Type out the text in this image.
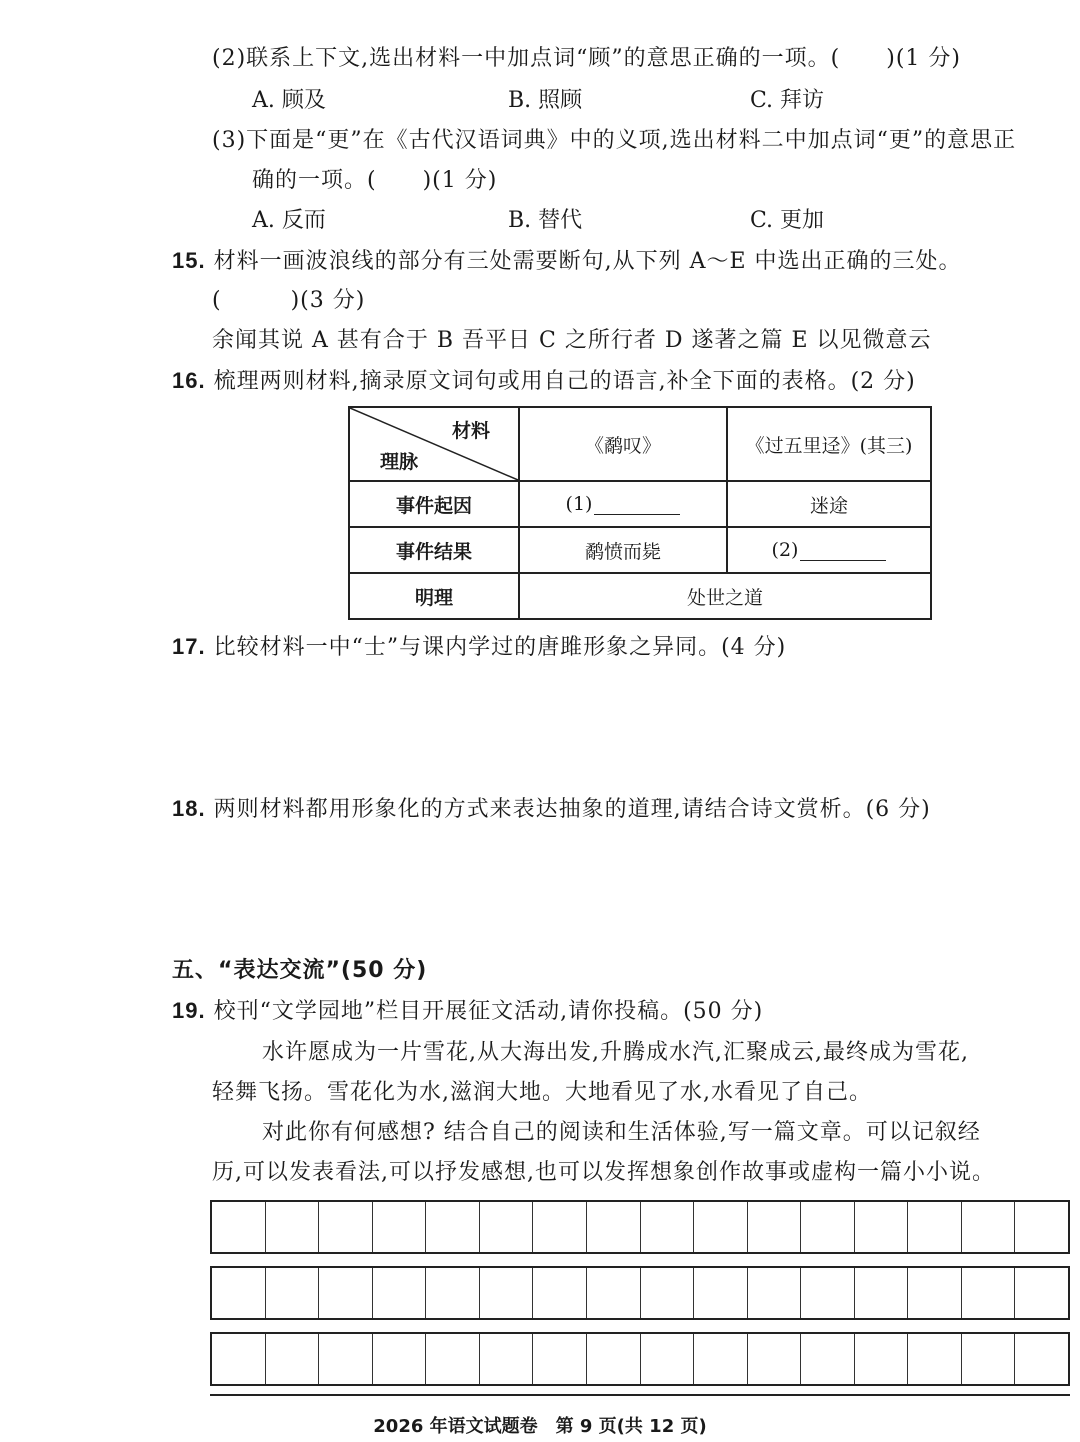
(2)联系上下文,选出材料一中加点词“顾”的意思正确的一项。(　　)(1 分)
A. 顾及	B. 照顾	C. 拜访
(3)下面是“更”在《古代汉语词典》中的义项,选出材料二中加点词“更”的意思正
确的一项。(　　)(1 分)
A. 反而	B. 替代	C. 更加
15. 材料一画波浪线的部分有三处需要断句,从下列 A～E 中选出正确的三处。
(　　　)(3 分)
余闻其说 A 甚有合于 B 吾平日 C 之所行者 D 遂著之篇 E 以见微意云
16. 梳理两则材料,摘录原文词句或用自己的语言,补全下面的表格。(2 分)
材料
理脉	《鹬叹》	《过五里迳》(其三)
事件起因	(1)	迷途
事件结果	鹬愤而毙	(2)
明理	处世之道	
17. 比较材料一中“士”与课内学过的唐雎形象之异同。(4 分)
18. 两则材料都用形象化的方式来表达抽象的道理,请结合诗文赏析。(6 分)
五、“表达交流”(50 分)
19. 校刊“文学园地”栏目开展征文活动,请你投稿。(50 分)
水许愿成为一片雪花,从大海出发,升腾成水汽,汇聚成云,最终成为雪花,
轻舞飞扬。雪花化为水,滋润大地。大地看见了水,水看见了自己。
对此你有何感想? 结合自己的阅读和生活体验,写一篇文章。可以记叙经
历,可以发表看法,可以抒发感想,也可以发挥想象创作故事或虚构一篇小小说。
2026 年语文试题卷　第 9 页(共 12 页)
